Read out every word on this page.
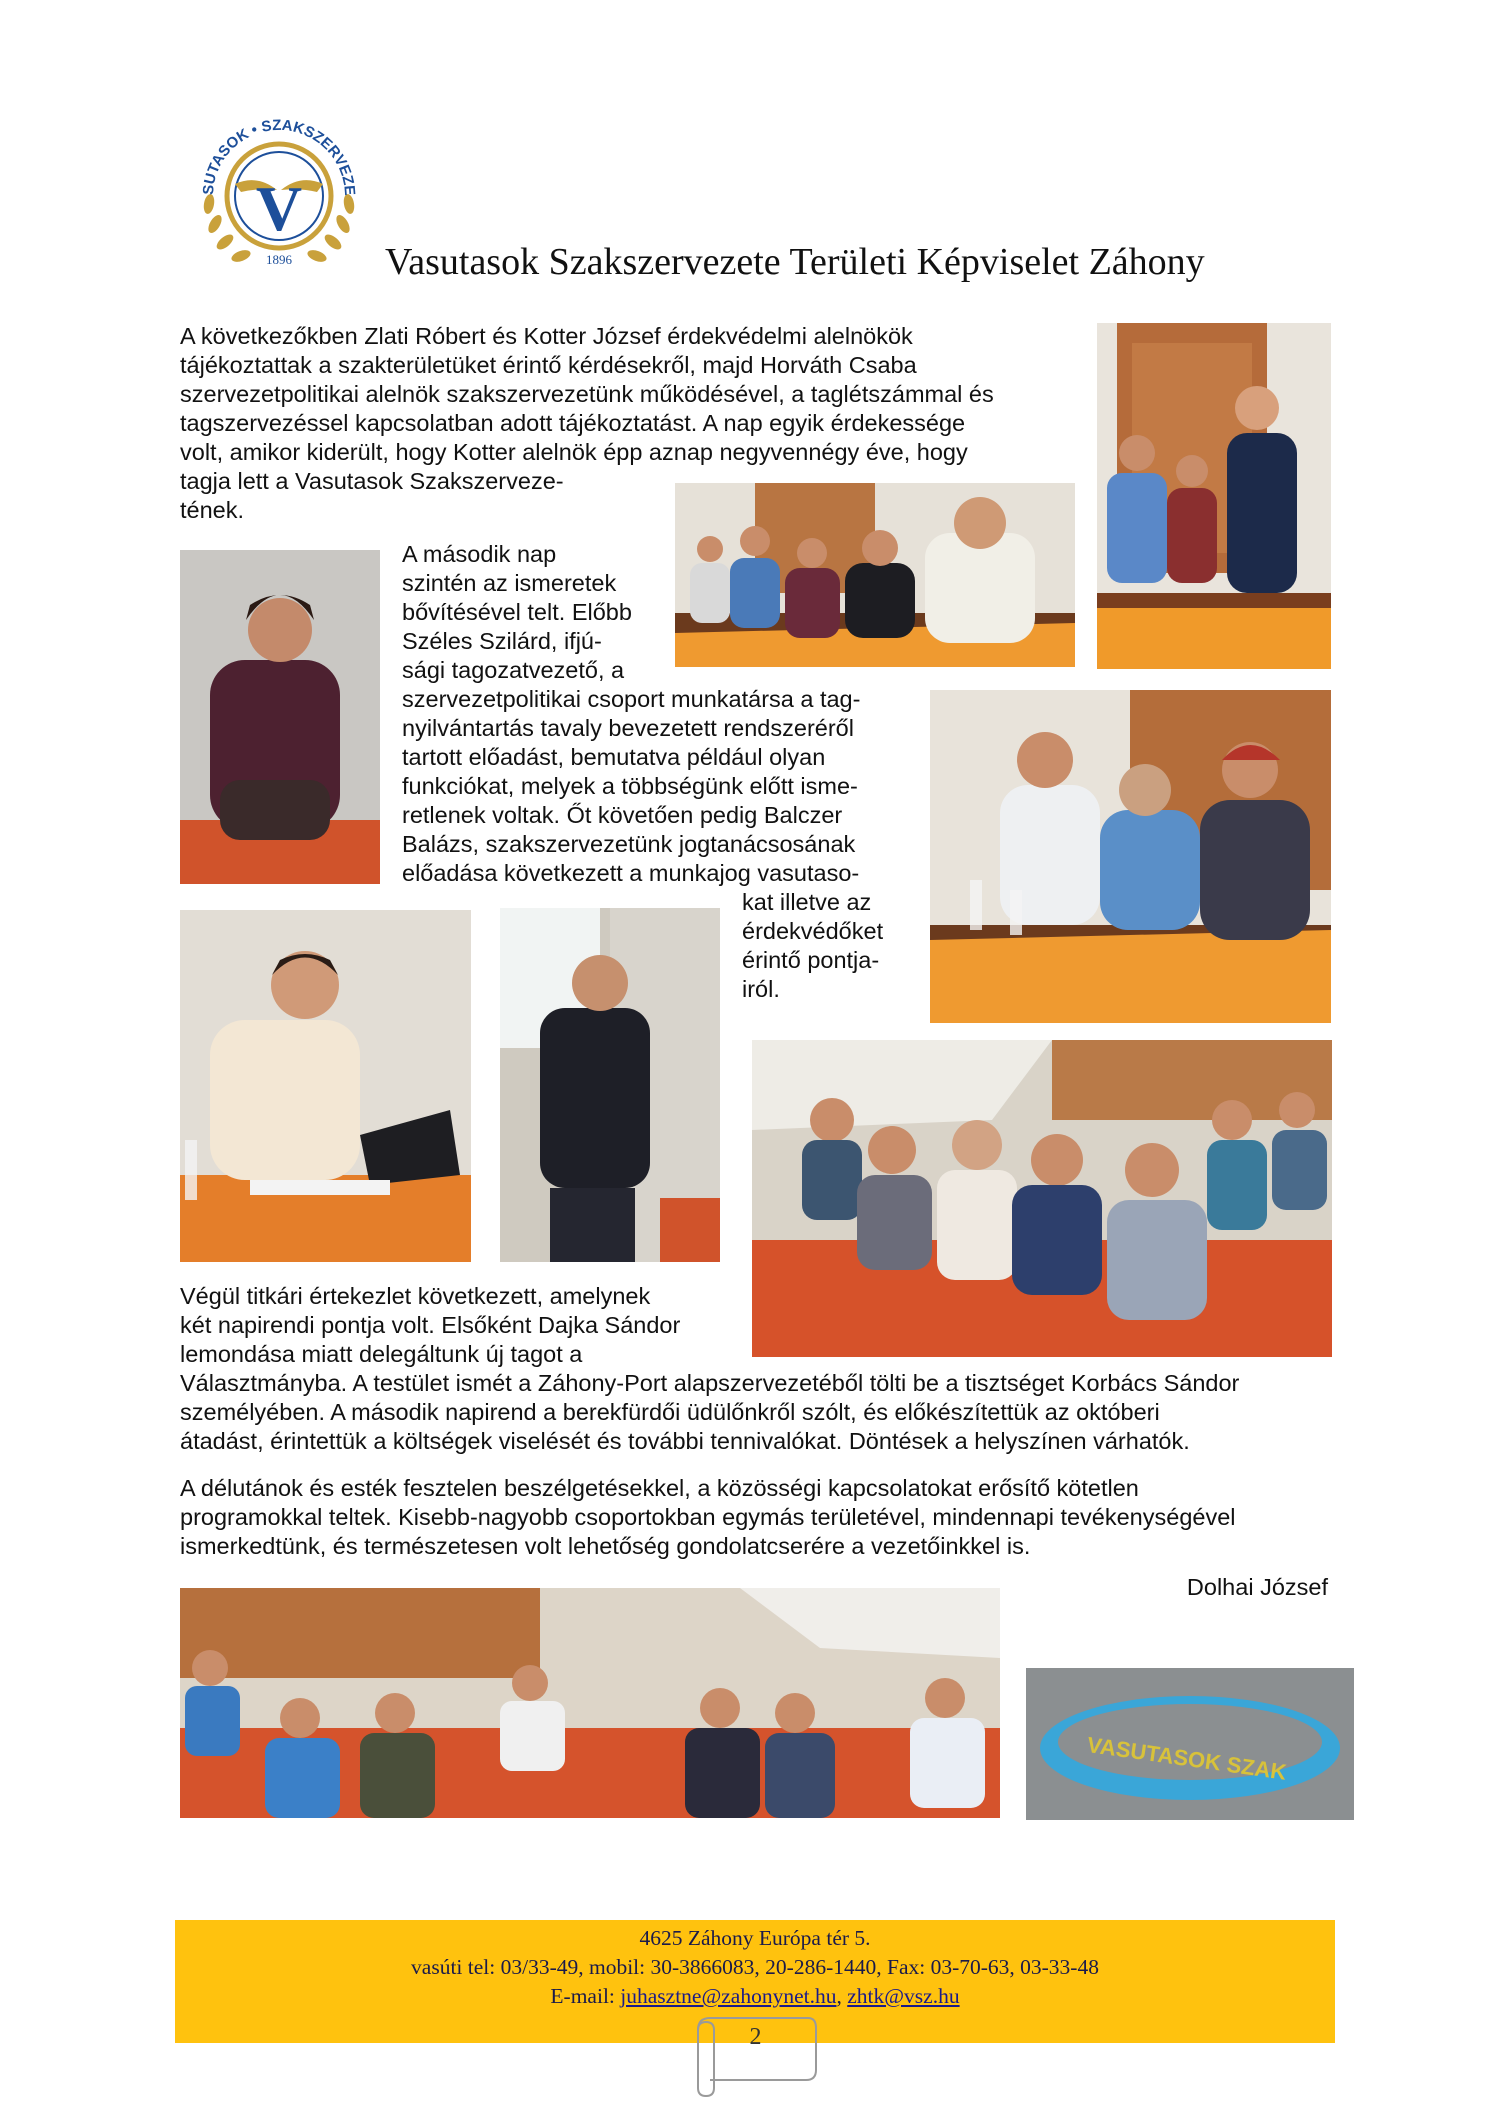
V
1896
SUTASOK • SZAKSZERVEZE
Vasutasok Szakszervezete Területi Képviselet Záhony
A következőkben Zlati Róbert és Kotter József érdekvédelmi alelnökök
tájékoztattak a szakterületüket érintő kérdésekről, majd Horváth Csaba
szervezetpolitikai alelnök szakszervezetünk működésével, a taglétszámmal és
tagszervezéssel kapcsolatban adott tájékoztatást. A nap egyik érdekessége
volt, amikor kiderült, hogy Kotter alelnök épp aznap negyvennégy éve, hogy
tagja lett a Vasutasok Szakszerveze-
tének.
A második nap
szintén az ismeretek
bővítésével telt. Előbb
Széles Szilárd, ifjú-
sági tagozatvezető, a
szervezetpolitikai csoport munkatársa a tag-
nyilvántartás tavaly bevezetett rendszeréről
tartott előadást, bemutatva például olyan
funkciókat, melyek a többségünk előtt isme-
retlenek voltak. Őt követően pedig Balczer
Balázs, szakszervezetünk jogtanácsosának
előadása következett a munkajog vasutaso-
kat illetve az
érdekvédőket
érintő pontja-
iról.
Végül titkári értekezlet következett, amelynek
két napirendi pontja volt. Elsőként Dajka Sándor
lemondása miatt delegáltunk új tagot a
Választmányba. A testület ismét a Záhony-Port alapszervezetéből tölti be a tisztséget Korbács Sándor
személyében. A második napirend a berekfürdői üdülőnkről szólt, és előkészítettük az októberi
átadást, érintettük a költségek viselését és további tennivalókat. Döntések a helyszínen várhatók.
A délutánok és esték fesztelen beszélgetésekkel, a közösségi kapcsolatokat erősítő kötetlen
programokkal teltek. Kisebb-nagyobb csoportokban egymás területével, mindennapi tevékenységével
ismerkedtünk, és természetesen volt lehetőség gondolatcserére a vezetőinkkel is.
Dolhai József
VASUTASOK SZAK
4625 Záhony Európa tér 5.
vasúti tel: 03/33-49, mobil: 30-3866083, 20-286-1440, Fax: 03-70-63, 03-33-48
E-mail: juhasztne@zahonynet.hu, zhtk@vsz.hu
2
